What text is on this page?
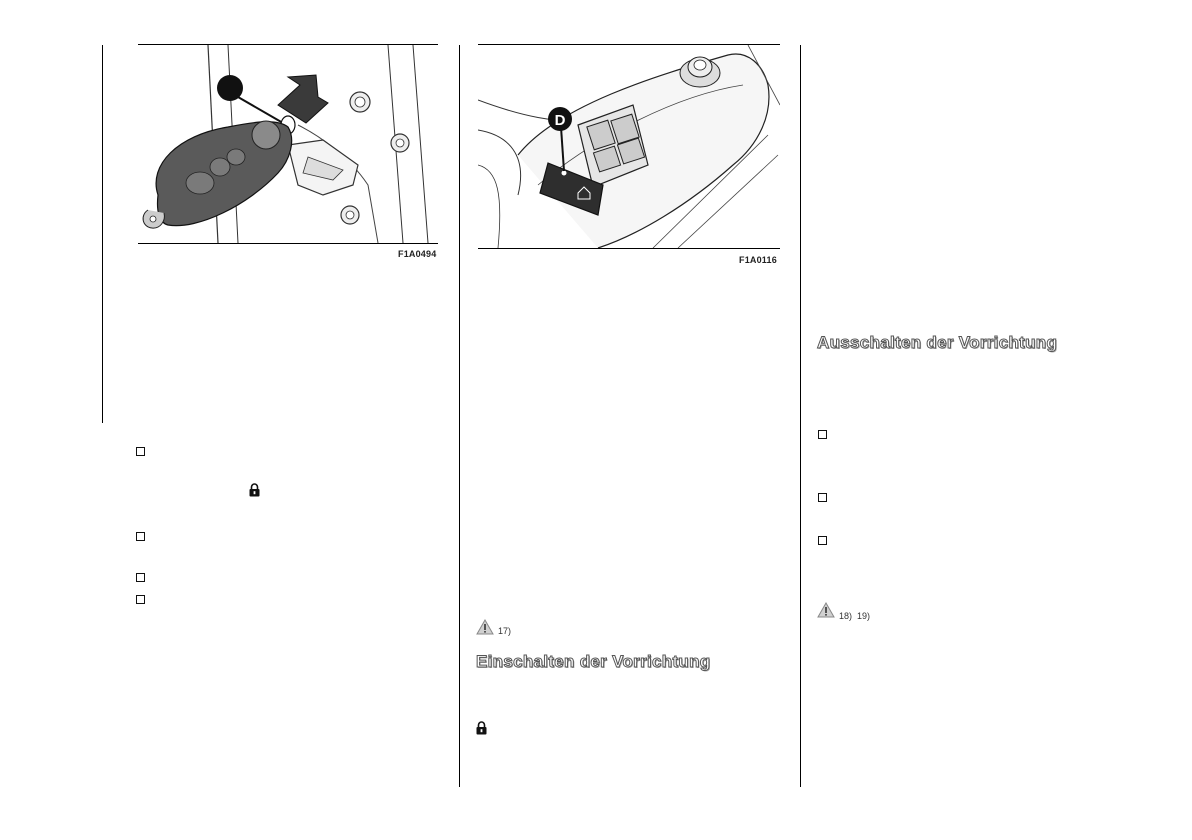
F1A0494
D
F1A0116
17)
Einschalten der Vorrichtung
Ausschalten der Vorrichtung
18)  19)
